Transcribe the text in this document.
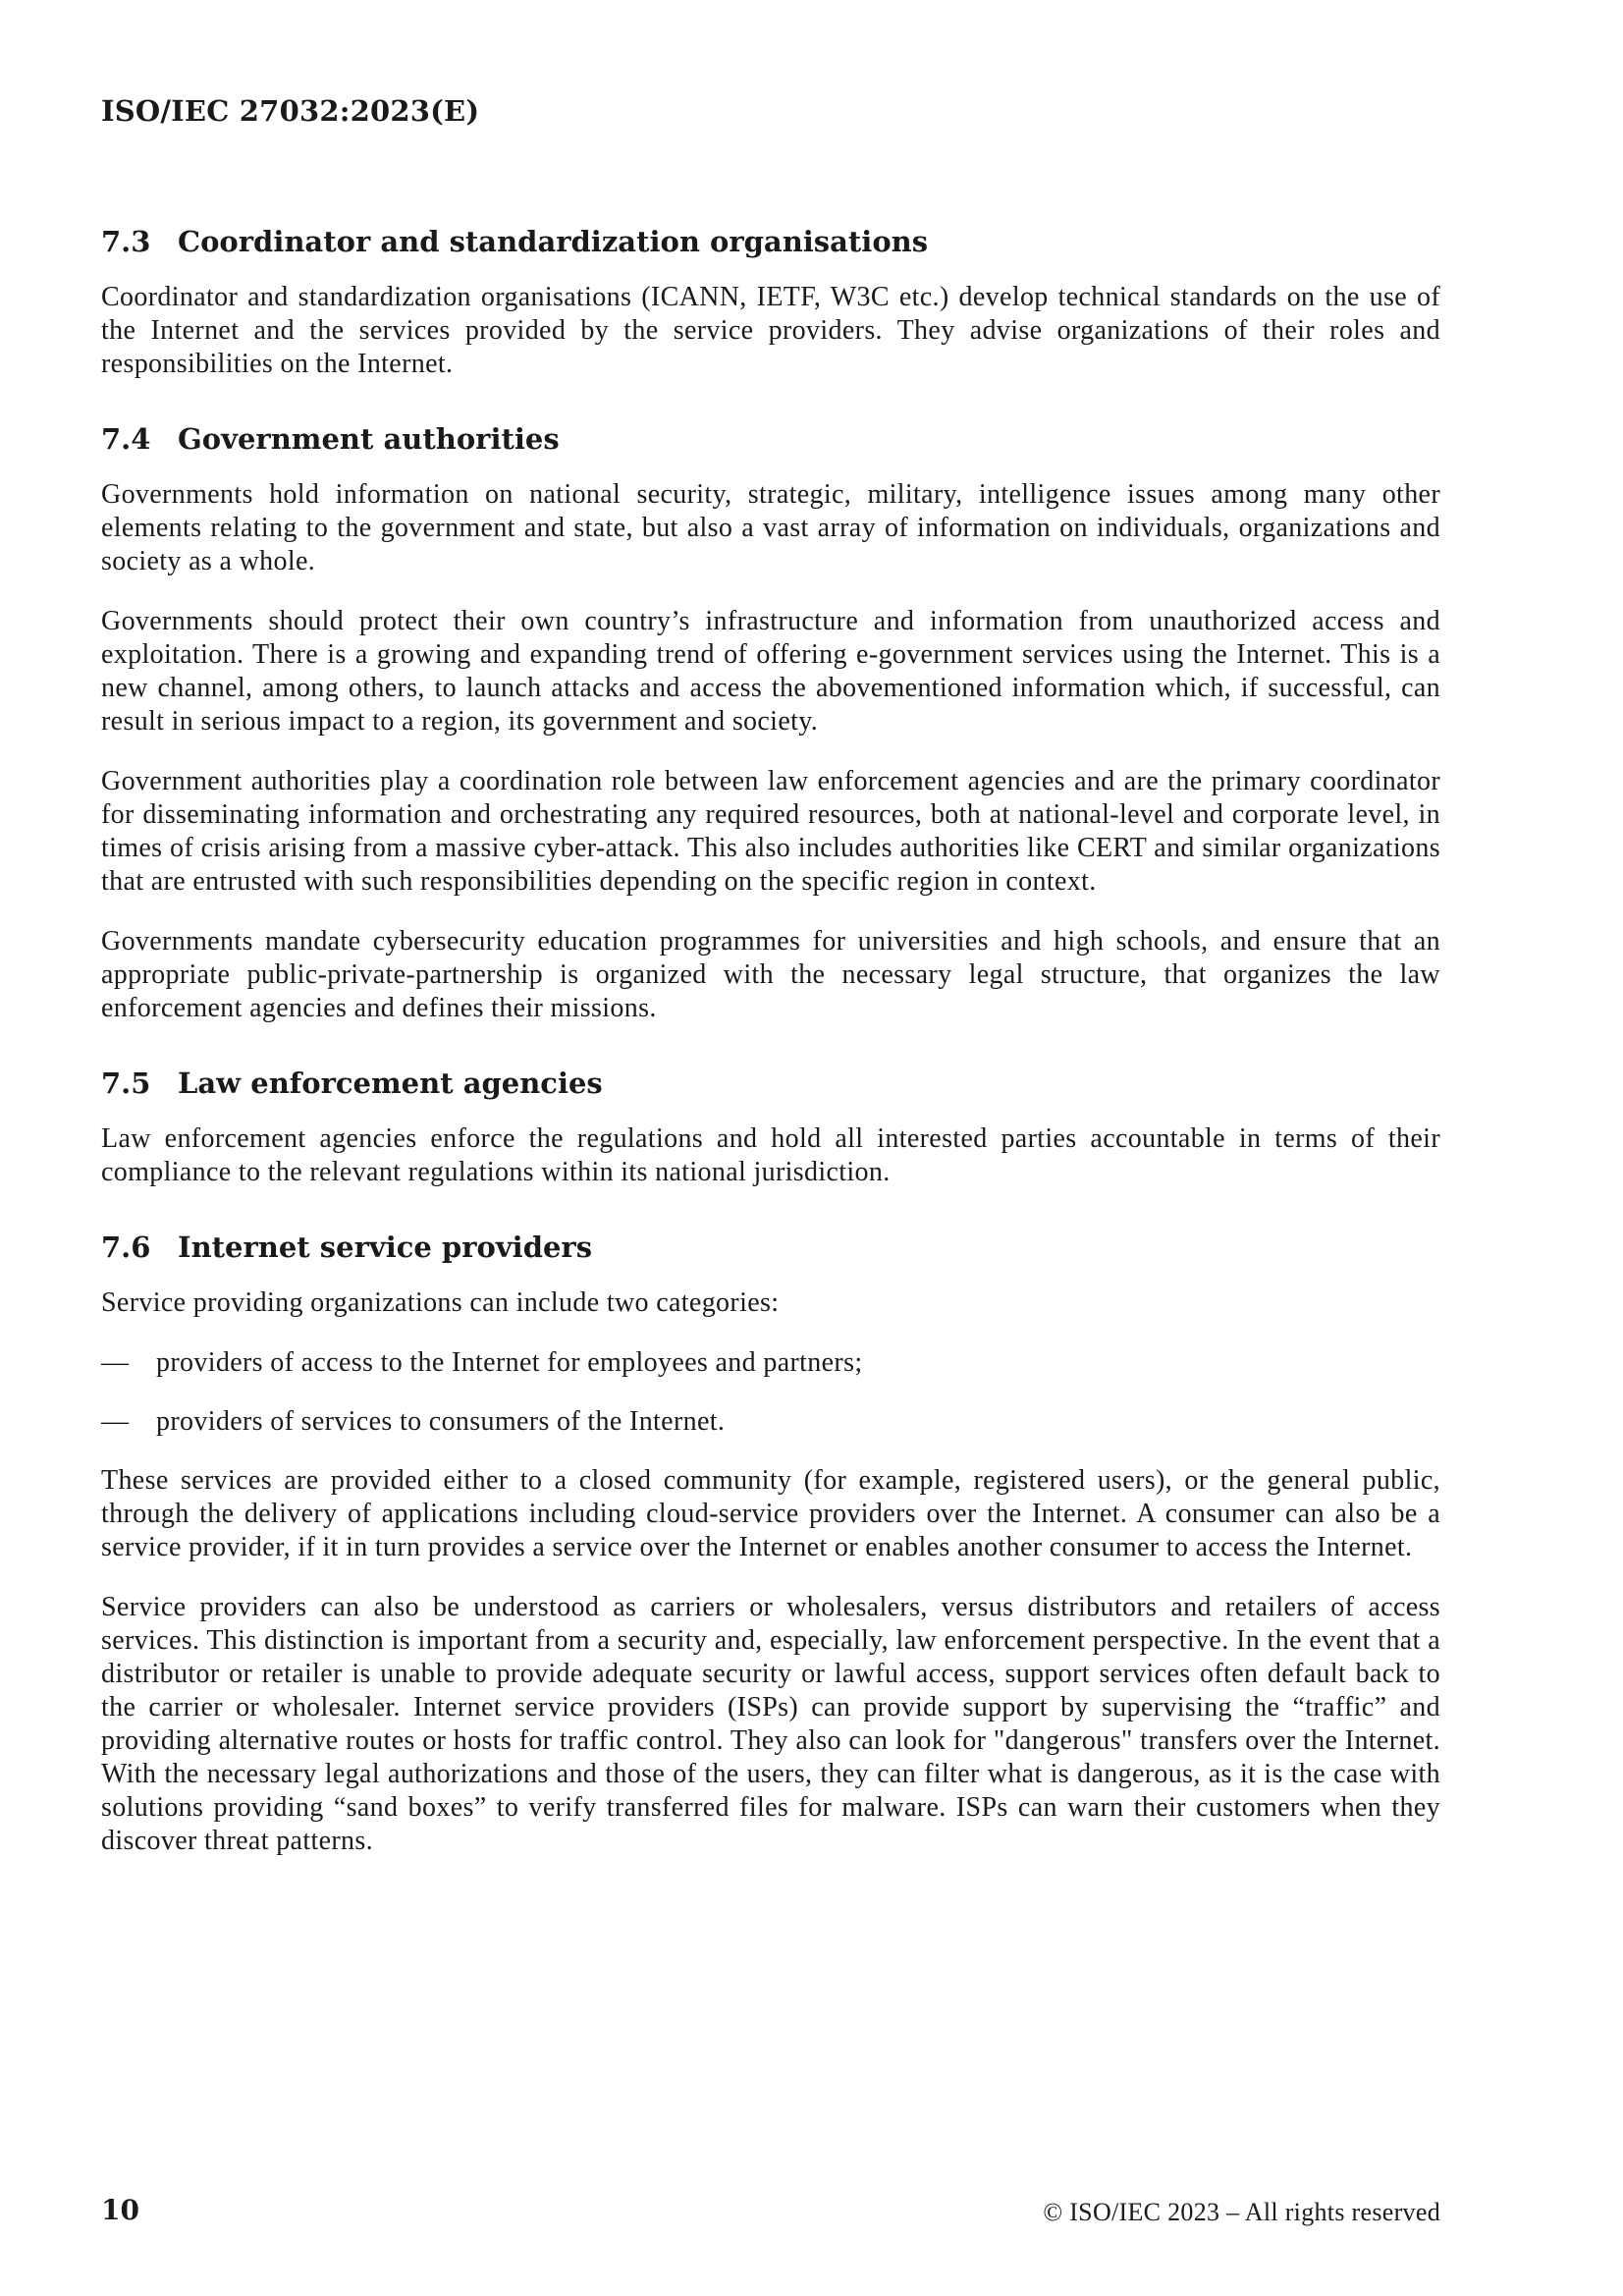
ISO/IEC 27032:2023(E)
7.3 Coordinator and standardization organisations

Coordinator and standardization organisations (ICANN, IETF, W3C etc.) develop technical standards on the use of the Internet and the services provided by the service providers. They advise organizations of their roles and responsibilities on the Internet.

7.4 Government authorities

Governments hold information on national security, strategic, military, intelligence issues among many other elements relating to the government and state, but also a vast array of information on individuals, organizations and society as a whole.

Governments should protect their own country’s infrastructure and information from unauthorized access and exploitation. There is a growing and expanding trend of offering e-government services using the Internet. This is a new channel, among others, to launch attacks and access the abovementioned information which, if successful, can result in serious impact to a region, its government and society.

Government authorities play a coordination role between law enforcement agencies and are the primary coordinator for disseminating information and orchestrating any required resources, both at national-level and corporate level, in times of crisis arising from a massive cyber-attack. This also includes authorities like CERT and similar organizations that are entrusted with such responsibilities depending on the specific region in context.

Governments mandate cybersecurity education programmes for universities and high schools, and ensure that an appropriate public-private-partnership is organized with the necessary legal structure, that organizes the law enforcement agencies and defines their missions.

7.5 Law enforcement agencies

Law enforcement agencies enforce the regulations and hold all interested parties accountable in terms of their compliance to the relevant regulations within its national jurisdiction.

7.6 Internet service providers

Service providing organizations can include two categories:

— providers of access to the Internet for employees and partners;
— providers of services to consumers of the Internet.

These services are provided either to a closed community (for example, registered users), or the general public, through the delivery of applications including cloud-service providers over the Internet. A consumer can also be a service provider, if it in turn provides a service over the Internet or enables another consumer to access the Internet.

Service providers can also be understood as carriers or wholesalers, versus distributors and retailers of access services. This distinction is important from a security and, especially, law enforcement perspective. In the event that a distributor or retailer is unable to provide adequate security or lawful access, support services often default back to the carrier or wholesaler. Internet service providers (ISPs) can provide support by supervising the “traffic” and providing alternative routes or hosts for traffic control. They also can look for "dangerous" transfers over the Internet. With the necessary legal authorizations and those of the users, they can filter what is dangerous, as it is the case with solutions providing “sand boxes” to verify transferred files for malware. ISPs can warn their customers when they discover threat patterns.

10	© ISO/IEC 2023 – All rights reserved
